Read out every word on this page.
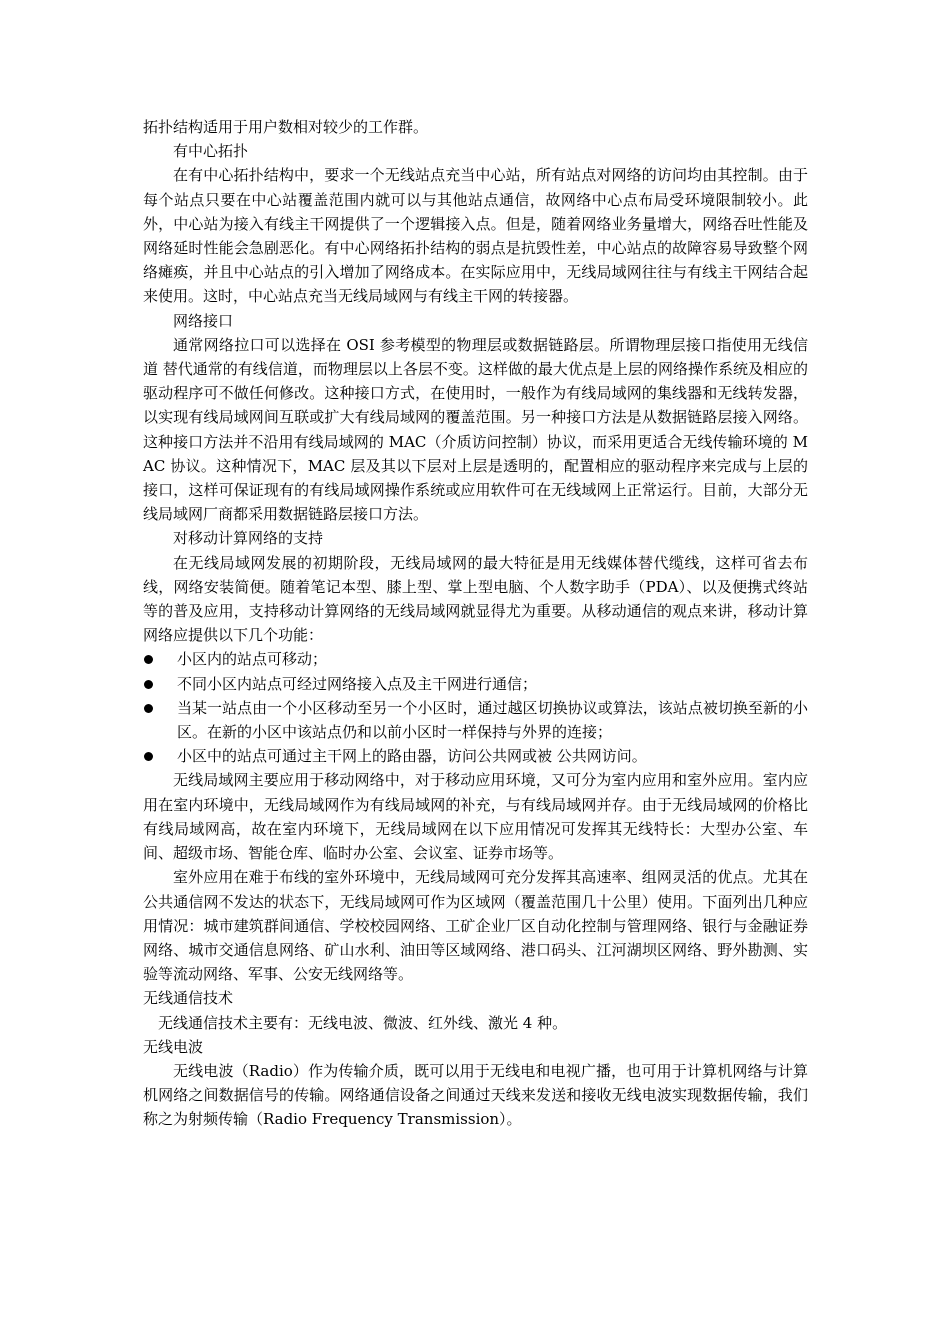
拓扑结构适用于用户数相对较少的工作群。

有中心拓扑

在有中心拓扑结构中，要求一个无线站点充当中心站，所有站点对网络的访问均由其控制。由于每个站点只要在中心站覆盖范围内就可以与其他站点通信，故网络中心点布局受环境限制较小。此外，中心站为接入有线主干网提供了一个逻辑接入点。但是，随着网络业务量增大，网络吞吐性能及网络延时性能会急剧恶化。有中心网络拓扑结构的弱点是抗毁性差，中心站点的故障容易导致整个网络瘫痪，并且中心站点的引入增加了网络成本。在实际应用中，无线局域网往往与有线主干网结合起来使用。这时，中心站点充当无线局域网与有线主干网的转接器。

网络接口

通常网络拉口可以选择在 OSI 参考模型的物理层或数据链路层。所谓物理层接口指使用无线信道 替代通常的有线信道，而物理层以上各层不变。这样做的最大优点是上层的网络操作系统及相应的驱动程序可不做任何修改。这种接口方式，在使用时，一般作为有线局域网的集线器和无线转发器，以实现有线局域网间互联或扩大有线局域网的覆盖范围。另一种接口方法是从数据链路层接入网络。这种接口方法并不沿用有线局域网的 MAC（介质访问控制）协议，而采用更适合无线传输环境的 MAC 协议。这种情况下，MAC 层及其以下层对上层是透明的，配置相应的驱动程序来完成与上层的接口，这样可保证现有的有线局域网操作系统或应用软件可在无线域网上正常运行。目前，大部分无线局域网厂商都采用数据链路层接口方法。

对移动计算网络的支持

在无线局域网发展的初期阶段，无线局域网的最大特征是用无线媒体替代缆线，这样可省去布线，网络安装简便。随着笔记本型、膝上型、掌上型电脑、个人数字助手（PDA）、以及便携式终站等的普及应用，支持移动计算网络的无线局域网就显得尤为重要。从移动通信的观点来讲，移动计算网络应提供以下几个功能：

小区内的站点可移动；
不同小区内站点可经过网络接入点及主干网进行通信；
当某一站点由一个小区移动至另一个小区时，通过越区切换协议或算法，该站点被切换至新的小区。在新的小区中该站点仍和以前小区时一样保持与外界的连接；
小区中的站点可通过主干网上的路由器，访问公共网或被 公共网访问。

无线局域网主要应用于移动网络中，对于移动应用环境，又可分为室内应用和室外应用。室内应用在室内环境中，无线局域网作为有线局域网的补充，与有线局域网并存。由于无线局域网的价格比有线局域网高，故在室内环境下，无线局域网在以下应用情况可发挥其无线特长：大型办公室、车间、超级市场、智能仓库、临时办公室、会议室、证券市场等。

室外应用在难于布线的室外环境中，无线局域网可充分发挥其高速率、组网灵活的优点。尤其在公共通信网不发达的状态下，无线局域网可作为区域网（覆盖范围几十公里）使用。下面列出几种应用情况：城市建筑群间通信、学校校园网络、工矿企业厂区自动化控制与管理网络、银行与金融证券网络、城市交通信息网络、矿山水利、油田等区域网络、港口码头、江河湖坝区网络、野外勘测、实验等流动网络、军事、公安无线网络等。

无线通信技术

无线通信技术主要有：无线电波、微波、红外线、激光 4 种。

无线电波

无线电波（Radio）作为传输介质，既可以用于无线电和电视广播，也可用于计算机网络与计算机网络之间数据信号的传输。网络通信设备之间通过天线来发送和接收无线电波实现数据传输，我们称之为射频传输（Radio Frequency Transmission）。
